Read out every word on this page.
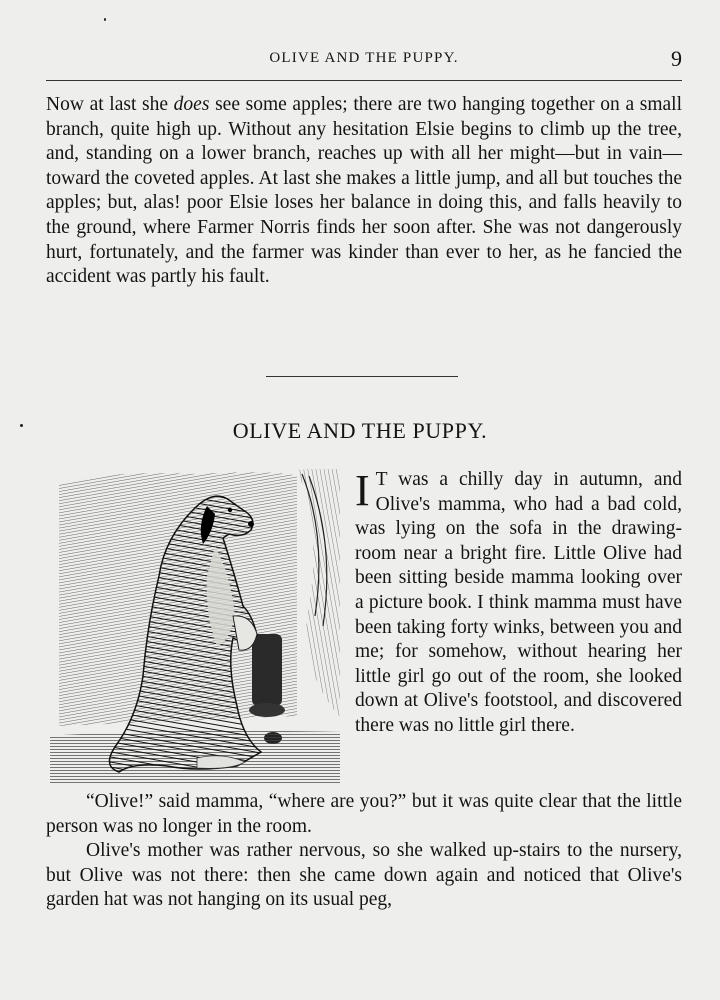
OLIVE AND THE PUPPY.	9

Now at last she does see some apples; there are two hanging together on a small branch, quite high up. Without any hesitation Elsie begins to climb up the tree, and, standing on a lower branch, reaches up with all her might—but in vain—toward the coveted apples. At last she makes a little jump, and all but touches the apples; but, alas! poor Elsie loses her balance in doing this, and falls heavily to the ground, where Farmer Norris finds her soon after. She was not dangerously hurt, fortunately, and the farmer was kinder than ever to her, as he fancied the accident was partly his fault.

OLIVE AND THE PUPPY.

I T was a chilly day in autumn, and Olive's mamma, who had a bad cold, was lying on the sofa in the drawing-room near a bright fire. Little Olive had been sitting beside mamma looking over a picture book. I think mamma must have been taking forty winks, between you and me; for somehow, without hearing her little girl go out of the room, she looked down at Olive's footstool, and discovered there was no little girl there.

“Olive!” said mamma, “where are you?” but it was quite clear that the little person was no longer in the room.

Olive's mother was rather nervous, so she walked up-stairs to the nursery, but Olive was not there: then she came down again and noticed that Olive's garden hat was not hanging on its usual peg,
